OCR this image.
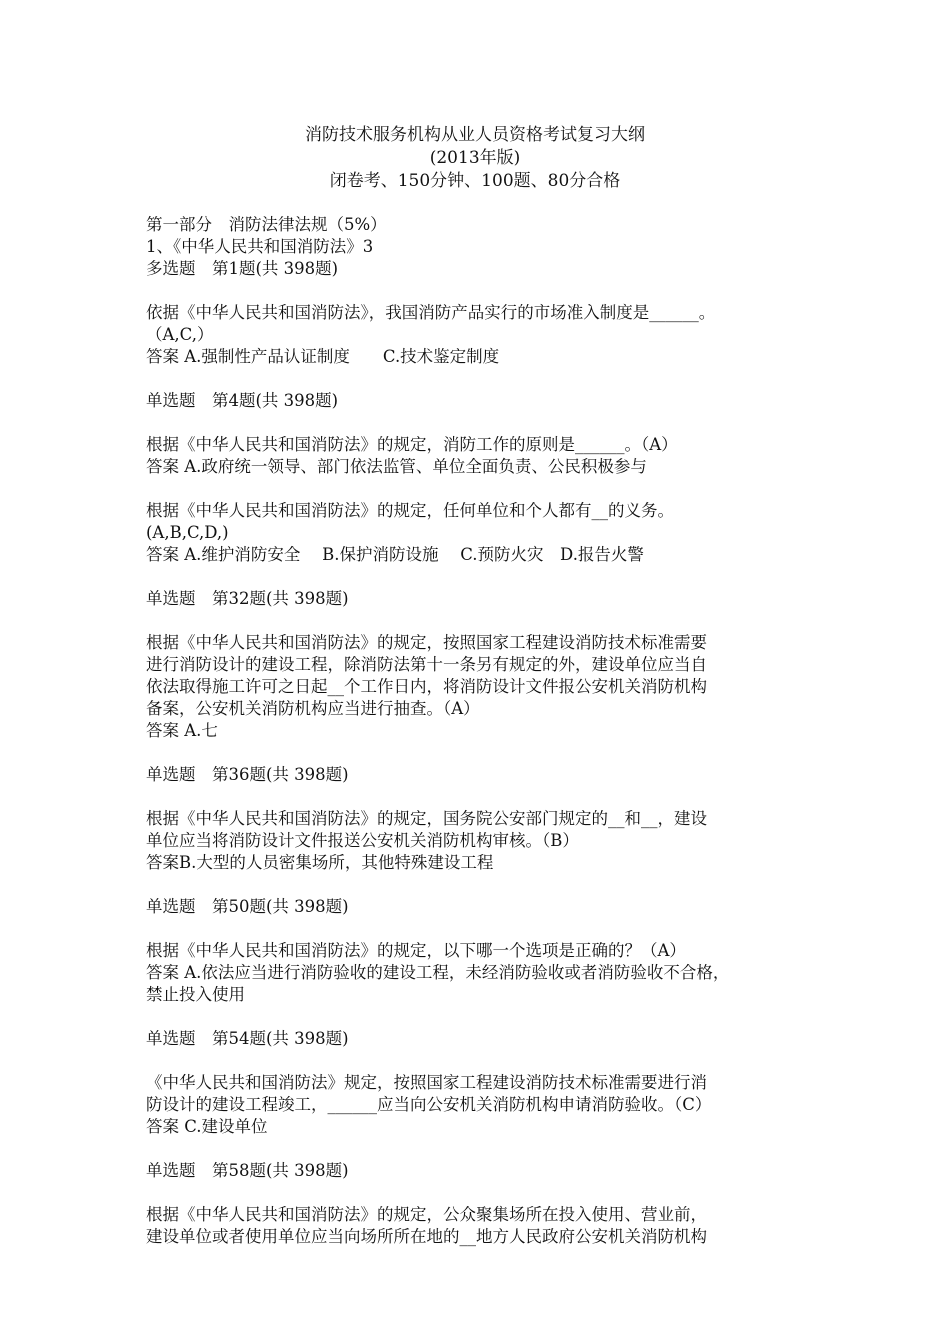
消防技术服务机构从业人员资格考试复习大纲
(2013年版)
闭卷考、150分钟、100题、80分合格
第一部分　消防法律法规（5%）
1、《中华人民共和国消防法》3
多选题　第1题(共 398题)
依据《中华人民共和国消防法》，我国消防产品实行的市场准入制度是______。
（A,C,）
答案 A.强制性产品认证制度　　C.技术鉴定制度
单选题　第4题(共 398题)
根据《中华人民共和国消防法》的规定，消防工作的原则是______。（A）
答案 A.政府统一领导、部门依法监管、单位全面负责、公民积极参与
根据《中华人民共和国消防法》的规定，任何单位和个人都有__的义务。
(A,B,C,D,)
答案 A.维护消防安全　 B.保护消防设施　 C.预防火灾　D.报告火警
单选题　第32题(共 398题)
根据《中华人民共和国消防法》的规定，按照国家工程建设消防技术标准需要
进行消防设计的建设工程，除消防法第十一条另有规定的外，建设单位应当自
依法取得施工许可之日起__个工作日内，将消防设计文件报公安机关消防机构
备案，公安机关消防机构应当进行抽查。（A）
答案 A.七
单选题　第36题(共 398题)
根据《中华人民共和国消防法》的规定，国务院公安部门规定的__和__，建设
单位应当将消防设计文件报送公安机关消防机构审核。（B）
答案B.大型的人员密集场所，其他特殊建设工程
单选题　第50题(共 398题)
根据《中华人民共和国消防法》的规定，以下哪一个选项是正确的？（A）
答案 A.依法应当进行消防验收的建设工程，未经消防验收或者消防验收不合格，
禁止投入使用
单选题　第54题(共 398题)
《中华人民共和国消防法》规定，按照国家工程建设消防技术标准需要进行消
防设计的建设工程竣工，______应当向公安机关消防机构申请消防验收。（C）
答案 C.建设单位
单选题　第58题(共 398题)
根据《中华人民共和国消防法》的规定，公众聚集场所在投入使用、营业前，
建设单位或者使用单位应当向场所所在地的__地方人民政府公安机关消防机构
